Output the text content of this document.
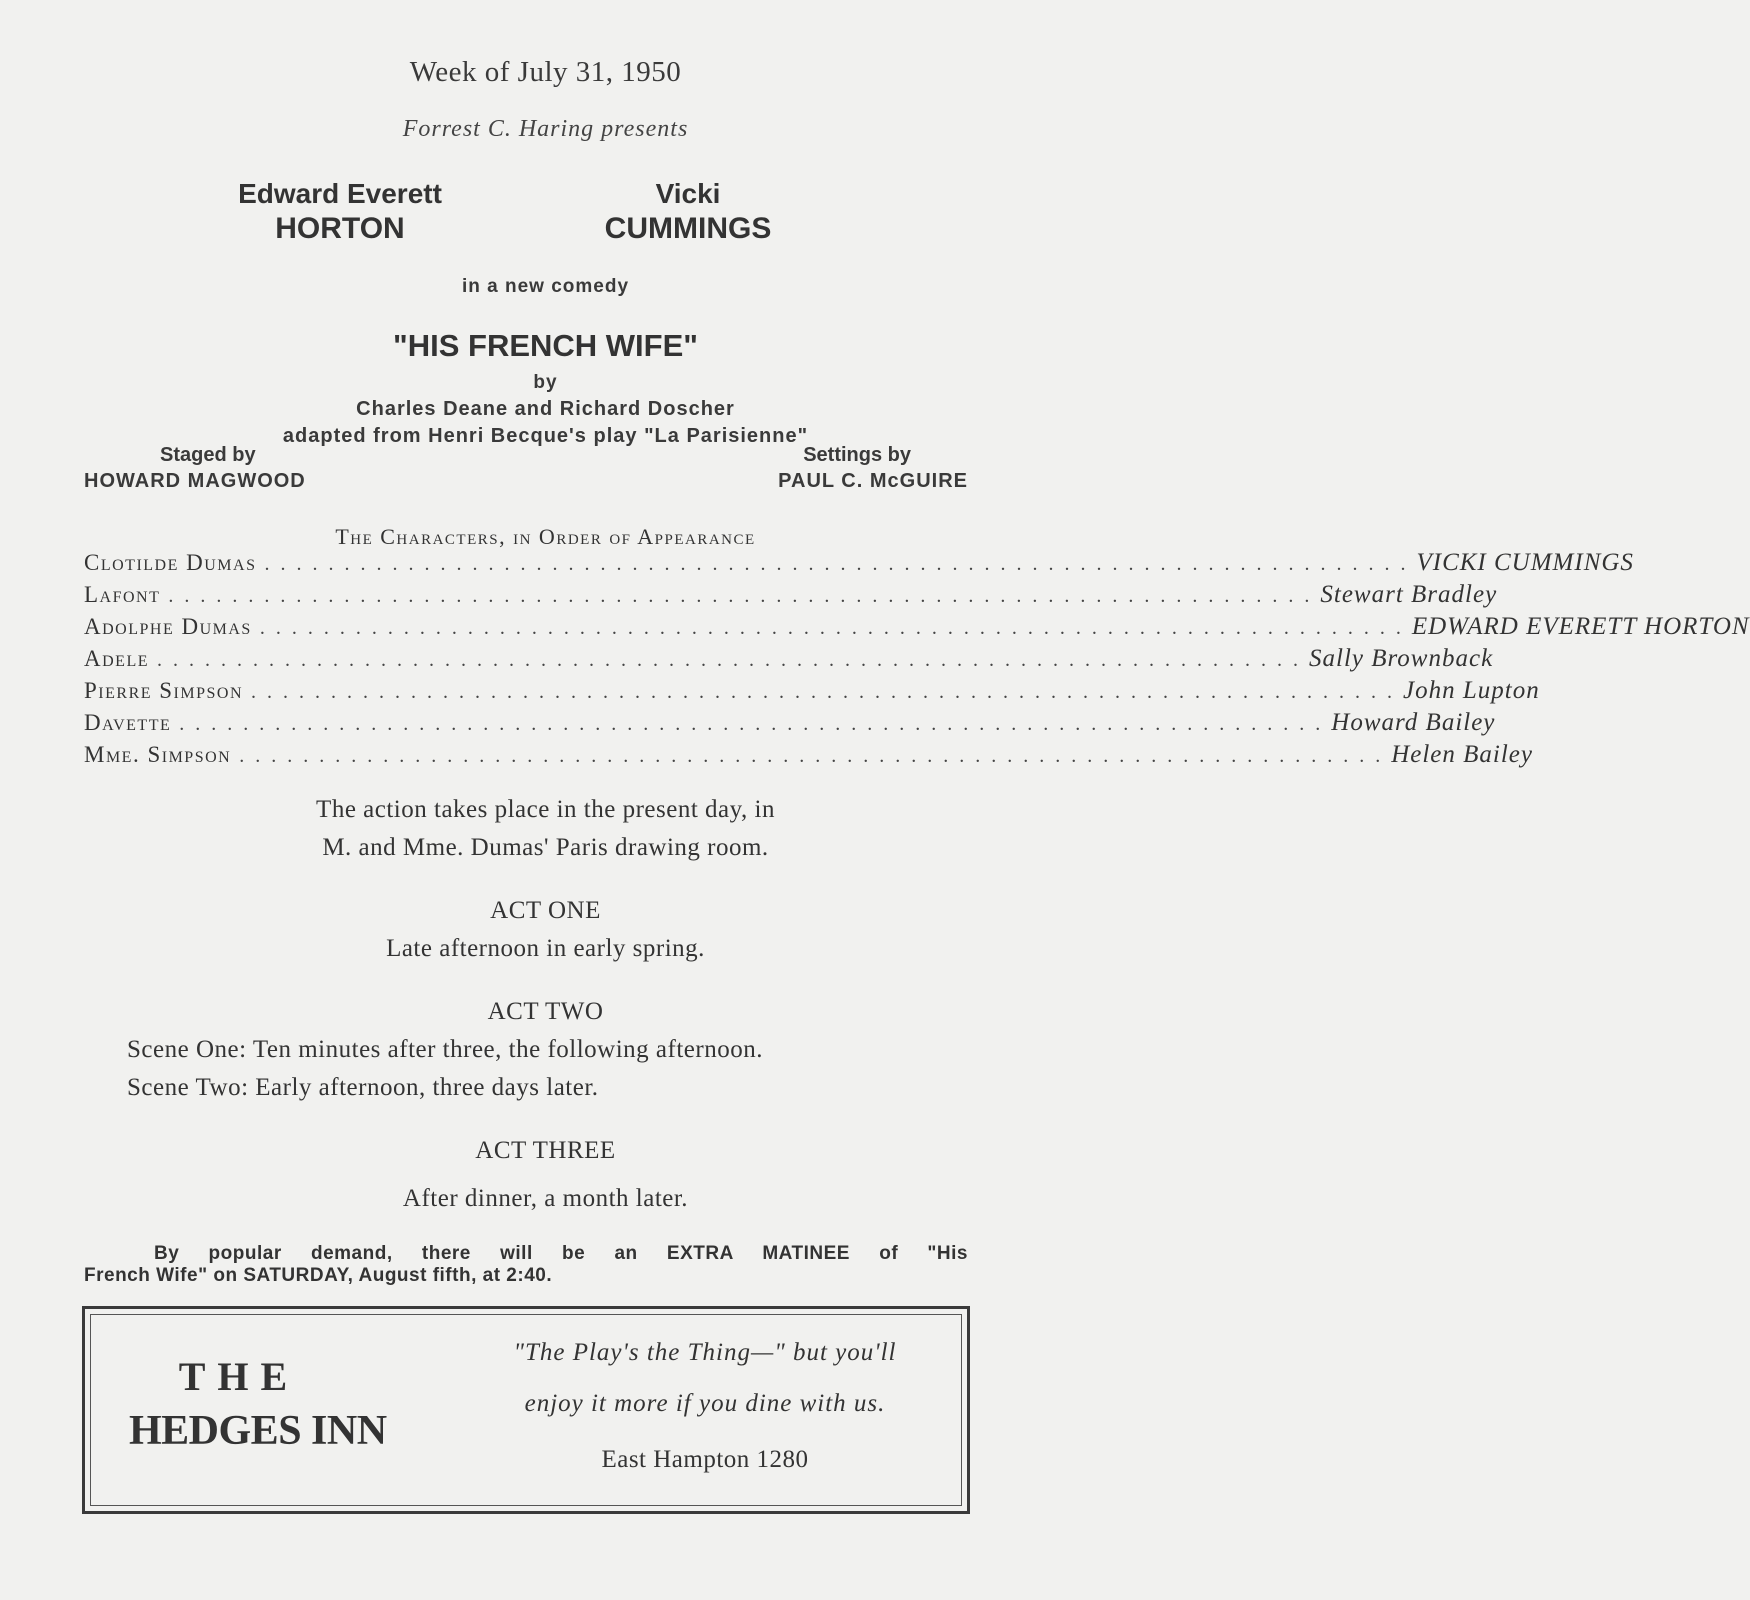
Week of July 31, 1950
Forrest C. Haring presents
Edward Everett
HORTON
Vicki
CUMMINGS
in a new comedy
"HIS FRENCH WIFE"
by
Charles Deane and Richard Doscher
adapted from Henri Becque's play "La Parisienne"
Staged by
HOWARD MAGWOOD
Settings by
PAUL C. McGUIRE
The Characters, in Order of Appearance
Clotilde Dumas . . . . . . . . . . . . . . . . . . . . . . . . . . . . . . . . . . . . . . . . . . . . . . . . . . . . . . . . . . . . . . . . . . . . . . . . VICKI CUMMINGS
Lafont . . . . . . . . . . . . . . . . . . . . . . . . . . . . . . . . . . . . . . . . . . . . . . . . . . . . . . . . . . . . . . . . . . . . . . . . Stewart Bradley
Adolphe Dumas . . . . . . . . . . . . . . . . . . . . . . . . . . . . . . . . . . . . . . . . . . . . . . . . . . . . . . . . . . . . . . . . . . . . . . . . EDWARD EVERETT HORTON
Adele . . . . . . . . . . . . . . . . . . . . . . . . . . . . . . . . . . . . . . . . . . . . . . . . . . . . . . . . . . . . . . . . . . . . . . . . Sally Brownback
Pierre Simpson . . . . . . . . . . . . . . . . . . . . . . . . . . . . . . . . . . . . . . . . . . . . . . . . . . . . . . . . . . . . . . . . . . . . . . . . John Lupton
Davette . . . . . . . . . . . . . . . . . . . . . . . . . . . . . . . . . . . . . . . . . . . . . . . . . . . . . . . . . . . . . . . . . . . . . . . . Howard Bailey
Mme. Simpson . . . . . . . . . . . . . . . . . . . . . . . . . . . . . . . . . . . . . . . . . . . . . . . . . . . . . . . . . . . . . . . . . . . . . . . . Helen Bailey
The action takes place in the present day, in
M. and Mme. Dumas' Paris drawing room.
ACT ONE
Late afternoon in early spring.
ACT TWO
Scene One: Ten minutes after three, the following afternoon.
Scene Two: Early afternoon, three days later.
ACT THREE
After dinner, a month later.
By popular demand, there will be an EXTRA MATINEE of "His
French Wife" on SATURDAY, August fifth, at 2:40.
THE
HEDGES INN
"The Play's the Thing—" but you'll
enjoy it more if you dine with us.
East Hampton 1280
